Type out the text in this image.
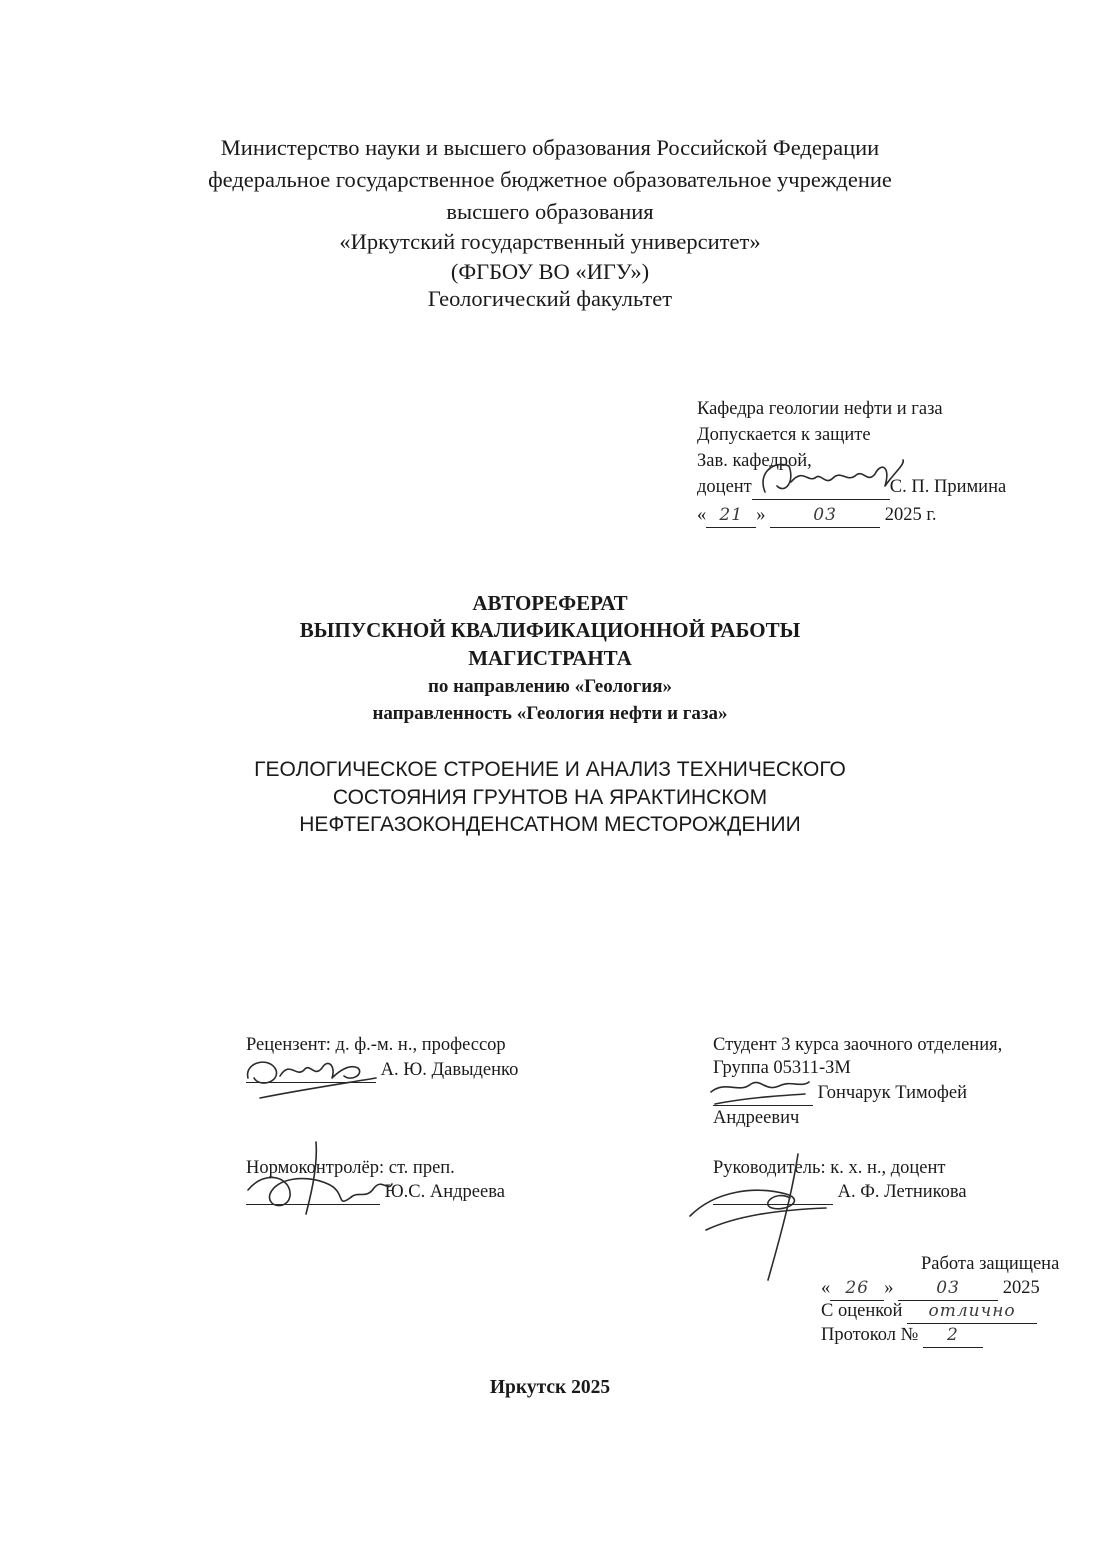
Министерство науки и высшего образования Российской Федерации
федеральное государственное бюджетное образовательное учреждение
высшего образования
«Иркутский государственный университет»
(ФГБОУ ВО «ИГУ»)
Геологический факультет
Кафедра геологии нефти и газа
Допускается к защите
Зав. кафедрой,
доцент	С. П. Примина
« 21 »	03	2025 г.
АВТОРЕФЕРАТ
ВЫПУСКНОЙ КВАЛИФИКАЦИОННОЙ РАБОТЫ
МАГИСТРАНТА
по направлению «Геология»
направленность «Геология нефти и газа»
ГЕОЛОГИЧЕСКОЕ СТРОЕНИЕ И АНАЛИЗ ТЕХНИЧЕСКОГО
СОСТОЯНИЯ ГРУНТОВ НА ЯРАКТИНСКОМ
НЕФТЕГАЗОКОНДЕНСАТНОМ МЕСТОРОЖДЕНИИ
Рецензент: д. ф.-м. н., профессор
А. Ю. Давыденко
Студент 3 курса заочного отделения,
Группа 05311-ЗМ
Гончарук Тимофей
Андреевич
Нормоконтролёр: ст. преп.
Ю.С. Андреева
Руководитель: к. х. н., доцент
А. Ф. Летникова
Работа защищена
« 26 »	03 2025
С оценкой отлично
Протокол № 2
Иркутск 2025
